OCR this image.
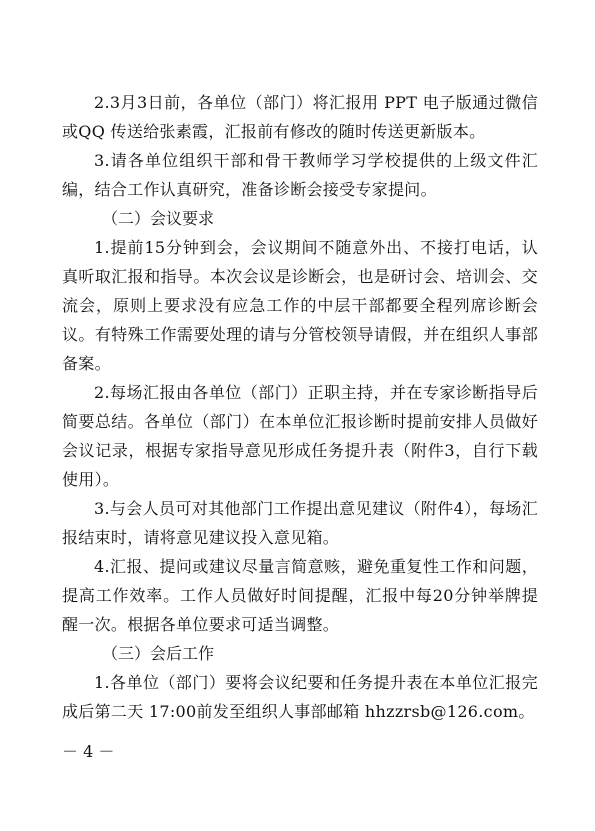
2.3月3日前，各单位（部门）将汇报用 PPT 电子版通过微信或QQ 传送给张素霞，汇报前有修改的随时传送更新版本。

3.请各单位组织干部和骨干教师学习学校提供的上级文件汇编，结合工作认真研究，准备诊断会接受专家提问。

（二）会议要求

1.提前15分钟到会，会议期间不随意外出、不接打电话，认真听取汇报和指导。本次会议是诊断会，也是研讨会、培训会、交流会，原则上要求没有应急工作的中层干部都要全程列席诊断会议。有特殊工作需要处理的请与分管校领导请假，并在组织人事部备案。

2.每场汇报由各单位（部门）正职主持，并在专家诊断指导后简要总结。各单位（部门）在本单位汇报诊断时提前安排人员做好会议记录，根据专家指导意见形成任务提升表（附件3，自行下载使用）。

3.与会人员可对其他部门工作提出意见建议（附件4），每场汇报结束时，请将意见建议投入意见箱。

4.汇报、提问或建议尽量言简意赅，避免重复性工作和问题，提高工作效率。工作人员做好时间提醒，汇报中每20分钟举牌提醒一次。根据各单位要求可适当调整。

（三）会后工作

1.各单位（部门）要将会议纪要和任务提升表在本单位汇报完成后第二天 17:00前发至组织人事部邮箱 hhzzrsb@126.com。

－ 4 －
